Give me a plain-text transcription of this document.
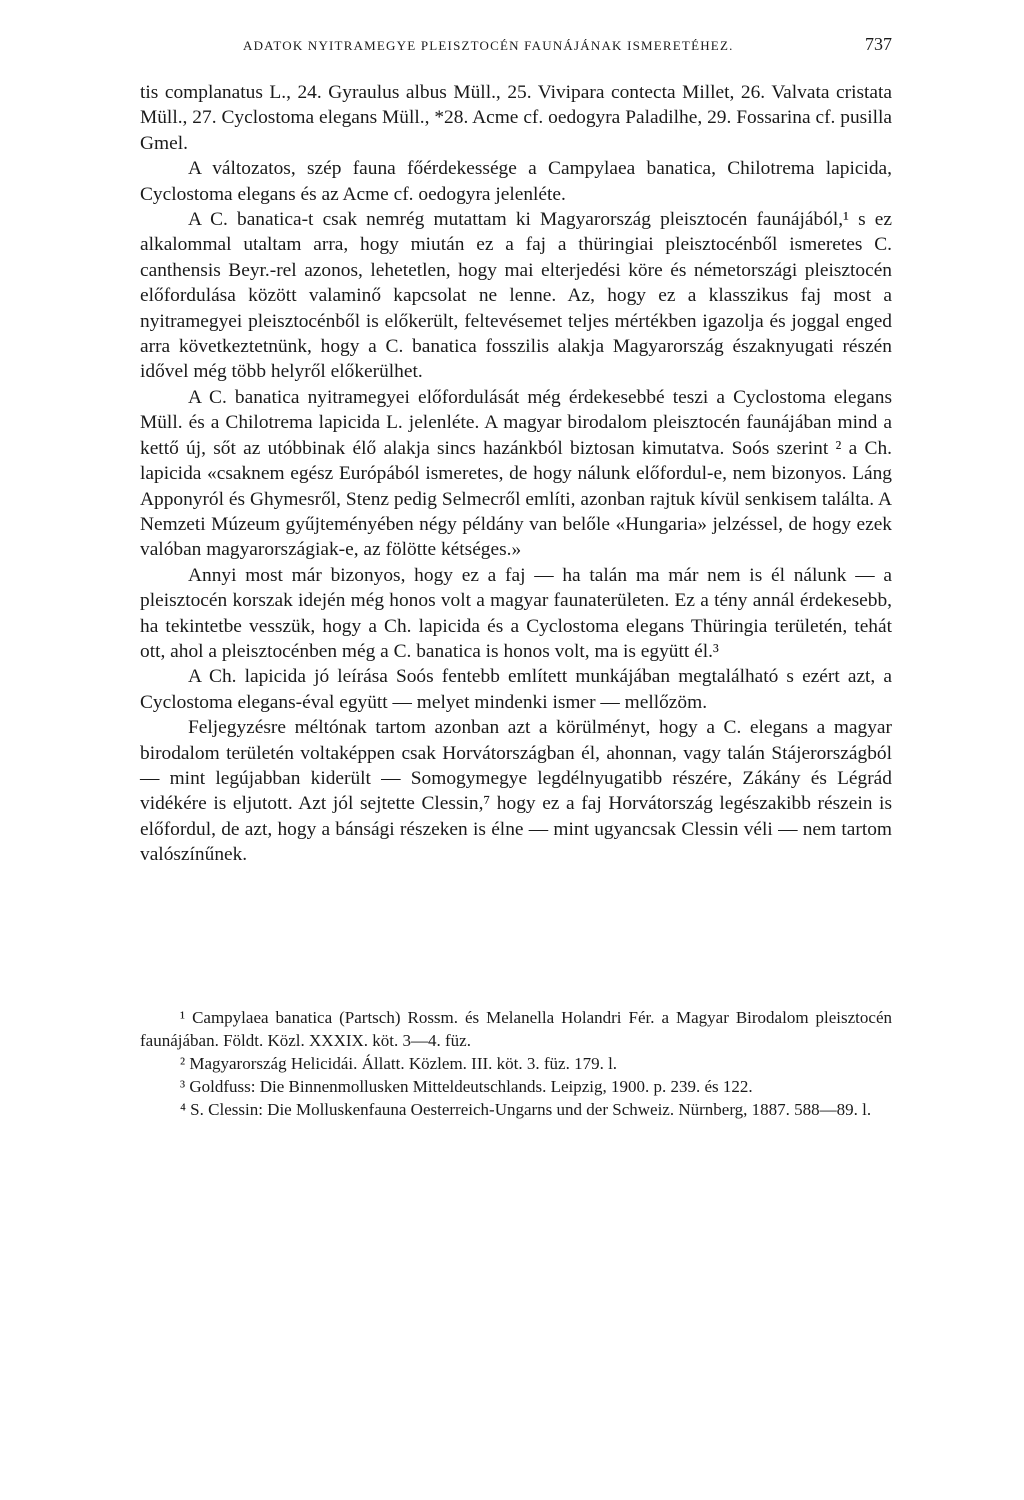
ADATOK NYITRAMEGYE PLEISZTOCÉN FAUNÁJÁNAK ISMERETÉHEZ.	737

tis complanatus L., 24. Gyraulus albus Müll., 25. Vivipara contecta Millet, 26. Valvata cristata Müll., 27. Cyclostoma elegans Müll., *28. Acme cf. oedogyra Paladilhe, 29. Fossarina cf. pusilla Gmel.

A változatos, szép fauna főérdekessége a Campylaea banatica, Chilotrema lapicida, Cyclostoma elegans és az Acme cf. oedogyra jelenléte.

A C. banatica-t csak nemrég mutattam ki Magyarország pleisztocén faunájából,¹ s ez alkalommal utaltam arra, hogy miután ez a faj a thüringiai pleisztocénből ismeretes C. canthensis Beyr.-rel azonos, lehetetlen, hogy mai elterjedési köre és németországi pleisztocén előfordulása között valaminő kapcsolat ne lenne. Az, hogy ez a klasszikus faj most a nyitramegyei pleisztocénből is előkerült, feltevésemet teljes mértékben igazolja és joggal enged arra következtetnünk, hogy a C. banatica fosszilis alakja Magyarország északnyugati részén idővel még több helyről előkerülhet.

A C. banatica nyitramegyei előfordulását még érdekesebbé teszi a Cyclostoma elegans Müll. és a Chilotrema lapicida L. jelenléte. A magyar birodalom pleisztocén faunájában mind a kettő új, sőt az utóbbinak élő alakja sincs hazánkból biztosan kimutatva. Soós szerint ² a Ch. lapicida «csaknem egész Európából ismeretes, de hogy nálunk előfordul-e, nem bizonyos. Láng Apponyról és Ghymesről, Stenz pedig Selmecről említi, azonban rajtuk kívül senkisem találta. A Nemzeti Múzeum gyűjteményében négy példány van belőle «Hungaria» jelzéssel, de hogy ezek valóban magyarországiak-e, az fölötte kétséges.»

Annyi most már bizonyos, hogy ez a faj — ha talán ma már nem is él nálunk — a pleisztocén korszak idején még honos volt a magyar faunaterületen. Ez a tény annál érdekesebb, ha tekintetbe vesszük, hogy a Ch. lapicida és a Cyclostoma elegans Thüringia területén, tehát ott, ahol a pleisztocénben még a C. banatica is honos volt, ma is együtt él.³

A Ch. lapicida jó leírása Soós fentebb említett munkájában megtalálható s ezért azt, a Cyclostoma elegans-éval együtt — melyet mindenki ismer — mellőzöm.

Feljegyzésre méltónak tartom azonban azt a körülményt, hogy a C. elegans a magyar birodalom területén voltaképpen csak Horvátországban él, ahonnan, vagy talán Stájerországból — mint legújabban kiderült — Somogymegye legdélnyugatibb részére, Zákány és Légrád vidékére is eljutott. Azt jól sejtette Clessin,⁷ hogy ez a faj Horvátország legészakibb részein is előfordul, de azt, hogy a bánsági részeken is élne — mint ugyancsak Clessin véli — nem tartom valószínűnek.

¹ Campylaea banatica (Partsch) Rossm. és Melanella Holandri Fér. a Magyar Birodalom pleisztocén faunájában. Földt. Közl. XXXIX. köt. 3—4. füz.

² Magyarország Helicidái. Állatt. Közlem. III. köt. 3. füz. 179. l.

³ Goldfuss: Die Binnenmollusken Mitteldeutschlands. Leipzig, 1900. p. 239. és 122.

⁴ S. Clessin: Die Molluskenfauna Oesterreich-Ungarns und der Schweiz. Nürnberg, 1887. 588—89. l.
